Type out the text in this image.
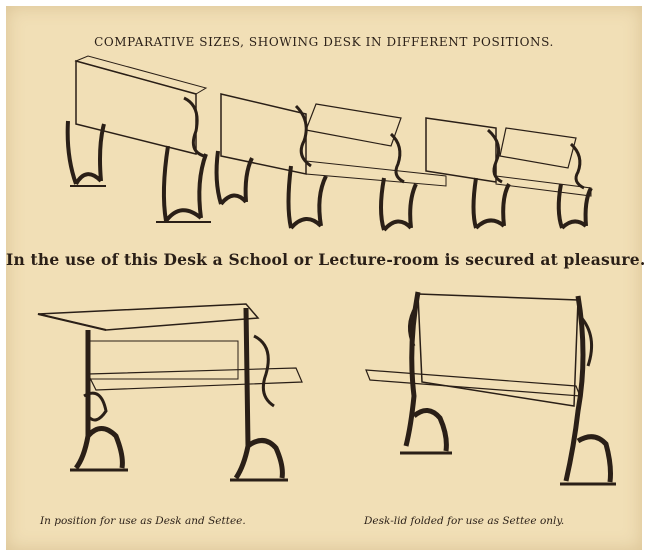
COMPARATIVE SIZES, SHOWING DESK IN DIFFERENT POSITIONS.
In the use of this Desk a School or Lecture-room is secured at pleasure.
In position for use as Desk and Settee.	Desk-lid folded for use as Settee only.
